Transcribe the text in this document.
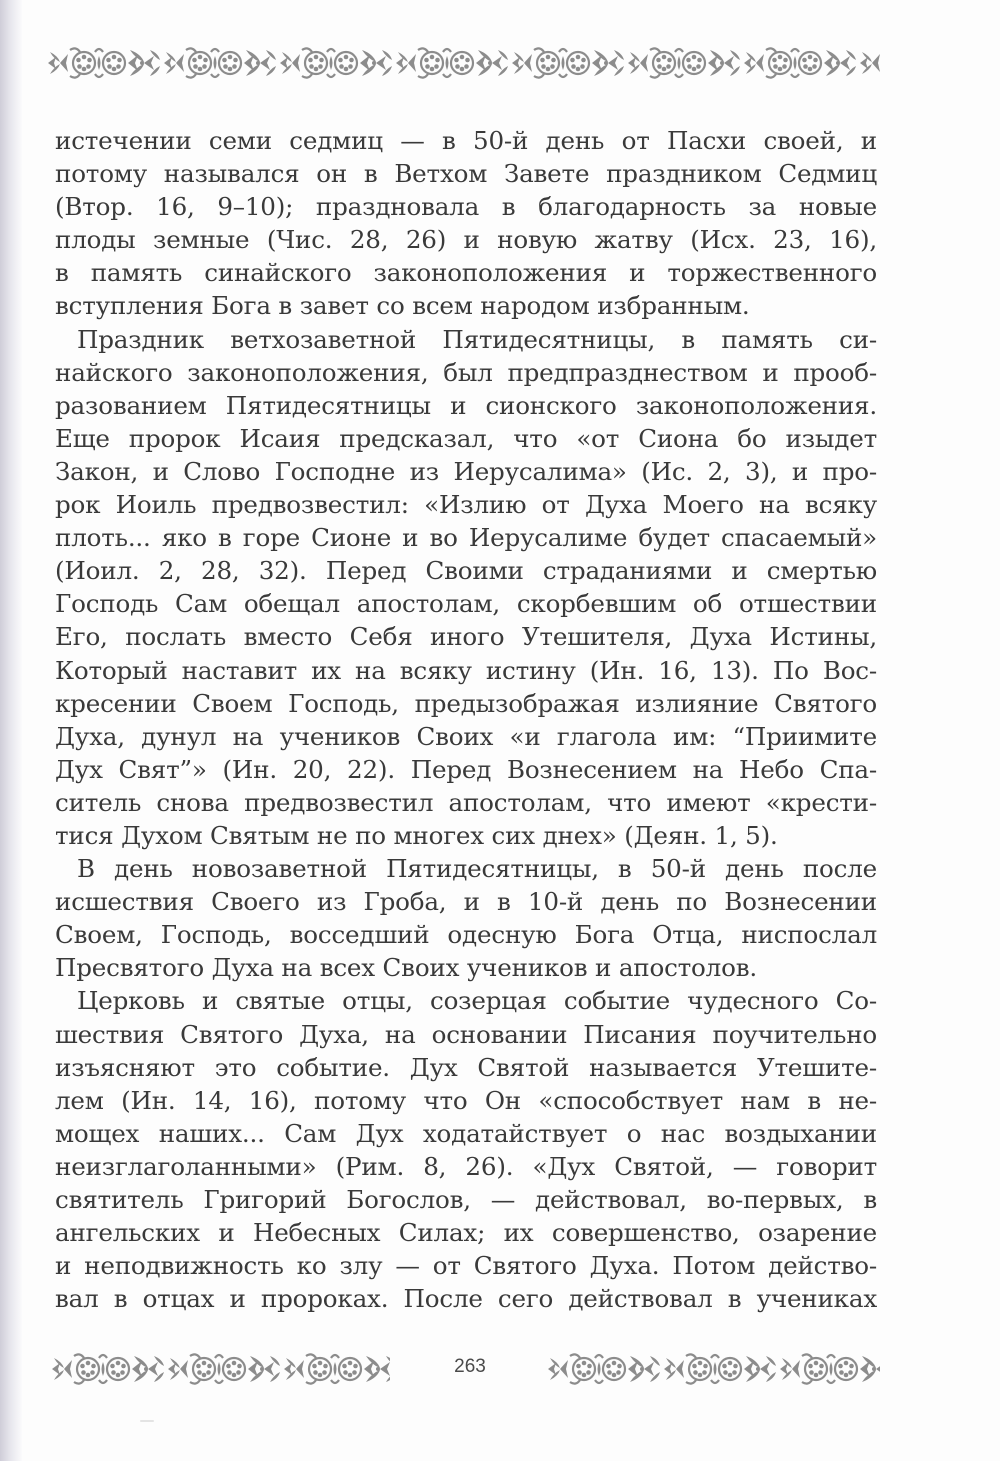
истечении семи седмиц — в 50-й день от Пасхи своей, и
потому назывался он в Ветхом Завете праздником Седмиц
(Втор. 16, 9–10); праздновала в благодарность за новые
плоды земные (Чис. 28, 26) и новую жатву (Исх. 23, 16),
в память синайского законоположения и торжественного
вступления Бога в завет со всем народом избранным.
Праздник ветхозаветной Пятидесятницы, в память си-
найского законоположения, был предпразднеством и прооб-
разованием Пятидесятницы и сионского законоположения.
Еще пророк Исаия предсказал, что «от Сиона бо изыдет
Закон, и Слово Господне из Иерусалима» (Ис. 2, 3), и про-
рок Иоиль предвозвестил: «Излию от Духа Моего на всяку
плоть... яко в горе Сионе и во Иерусалиме будет спасаемый»
(Иоил. 2, 28, 32). Перед Своими страданиями и смертью
Господь Сам обещал апостолам, скорбевшим об отшествии
Его, послать вместо Себя иного Утешителя, Духа Истины,
Который наставит их на всяку истину (Ин. 16, 13). По Вос-
кресении Своем Господь, предызображая излияние Святого
Духа, дунул на учеников Своих «и глагола им: “Приимите
Дух Свят”» (Ин. 20, 22). Перед Вознесением на Небо Спа-
ситель снова предвозвестил апостолам, что имеют «крести-
тися Духом Святым не по многех сих днех» (Деян. 1, 5).
В день новозаветной Пятидесятницы, в 50-й день после
исшествия Своего из Гроба, и в 10-й день по Вознесении
Своем, Господь, восседший одесную Бога Отца, ниспослал
Пресвятого Духа на всех Своих учеников и апостолов.
Церковь и святые отцы, созерцая событие чудесного Со-
шествия Святого Духа, на основании Писания поучительно
изъясняют это событие. Дух Святой называется Утешите-
лем (Ин. 14, 16), потому что Он «способствует нам в не-
мощех наших... Сам Дух ходатайствует о нас воздыхании
неизглаголанными» (Рим. 8, 26). «Дух Святой, — говорит
святитель Григорий Богослов, — действовал, во-первых, в
ангельских и Небесных Силах; их совершенство, озарение
и неподвижность ко злу — от Святого Духа. Потом действо-
вал в отцах и пророках. После сего действовал в учениках
263
